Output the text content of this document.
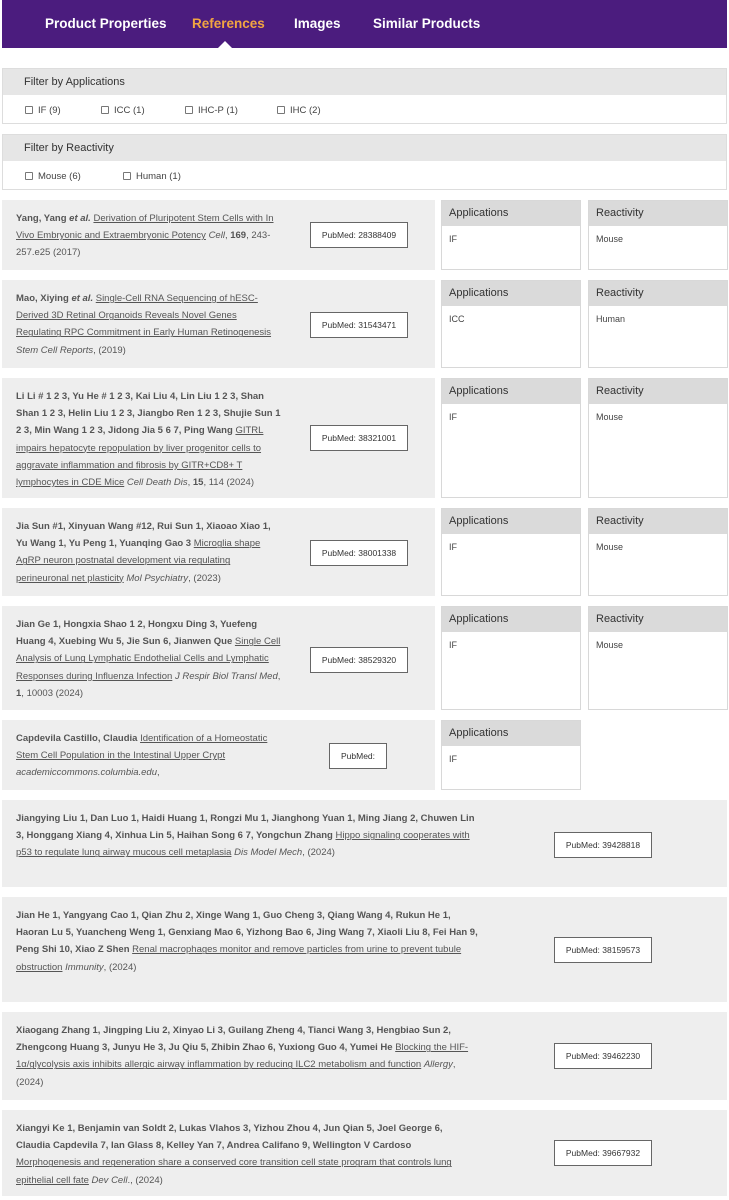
Product Properties References Images Similar Products
Filter by Applications
IF (9)	ICC (1)	IHC-P (1)	IHC (2)
Filter by Reactivity
Mouse (6)	Human (1)
Yang, Yang et al. Derivation of Pluripotent Stem Cells with In Vivo Embryonic and Extraembryonic Potency Cell, 169, 243-257.e25 (2017)
PubMed: 28388409
Applications
IF
Reactivity
Mouse
Mao, Xiying et al. Single-Cell RNA Sequencing of hESC-Derived 3D Retinal Organoids Reveals Novel Genes Regulating RPC Commitment in Early Human Retinogenesis Stem Cell Reports, (2019)
PubMed: 31543471
Applications
ICC
Reactivity
Human
Li Li # 1 2 3, Yu He # 1 2 3, Kai Liu 4, Lin Liu 1 2 3, Shan Shan 1 2 3, Helin Liu 1 2 3, Jiangbo Ren 1 2 3, Shujie Sun 1 2 3, Min Wang 1 2 3, Jidong Jia 5 6 7, Ping Wang GITRL impairs hepatocyte repopulation by liver progenitor cells to aggravate inflammation and fibrosis by GITR+CD8+ T lymphocytes in CDE Mice Cell Death Dis, 15, 114 (2024)
PubMed: 38321001
Applications
IF
Reactivity
Mouse
Jia Sun #1, Xinyuan Wang #12, Rui Sun 1, Xiaoao Xiao 1, Yu Wang 1, Yu Peng 1, Yuanqing Gao 3 Microglia shape AgRP neuron postnatal development via regulating perineuronal net plasticity Mol Psychiatry, (2023)
PubMed: 38001338
Applications
IF
Reactivity
Mouse
Jian Ge 1, Hongxia Shao 1 2, Hongxu Ding 3, Yuefeng Huang 4, Xuebing Wu 5, Jie Sun 6, Jianwen Que Single Cell Analysis of Lung Lymphatic Endothelial Cells and Lymphatic Responses during Influenza Infection J Respir Biol Transl Med, 1, 10003 (2024)
PubMed: 38529320
Applications
IF
Reactivity
Mouse
Capdevila Castillo, Claudia Identification of a Homeostatic Stem Cell Population in the Intestinal Upper Crypt academiccommons.columbia.edu,
PubMed:
Applications
IF
Jiangying Liu 1, Dan Luo 1, Haidi Huang 1, Rongzi Mu 1, Jianghong Yuan 1, Ming Jiang 2, Chuwen Lin 3, Honggang Xiang 4, Xinhua Lin 5, Haihan Song 6 7, Yongchun Zhang Hippo signaling cooperates with p53 to regulate lung airway mucous cell metaplasia Dis Model Mech, (2024)
PubMed: 39428818
Jian He 1, Yangyang Cao 1, Qian Zhu 2, Xinge Wang 1, Guo Cheng 3, Qiang Wang 4, Rukun He 1, Haoran Lu 5, Yuancheng Weng 1, Genxiang Mao 6, Yizhong Bao 6, Jing Wang 7, Xiaoli Liu 8, Fei Han 9, Peng Shi 10, Xiao Z Shen Renal macrophages monitor and remove particles from urine to prevent tubule obstruction Immunity, (2024)
PubMed: 38159573
Xiaogang Zhang 1, Jingping Liu 2, Xinyao Li 3, Guilang Zheng 4, Tianci Wang 3, Hengbiao Sun 2, Zhengcong Huang 3, Junyu He 3, Ju Qiu 5, Zhibin Zhao 6, Yuxiong Guo 4, Yumei He Blocking the HIF-1α/glycolysis axis inhibits allergic airway inflammation by reducing ILC2 metabolism and function Allergy, (2024)
PubMed: 39462230
Xiangyi Ke 1, Benjamin van Soldt 2, Lukas Vlahos 3, Yizhou Zhou 4, Jun Qian 5, Joel George 6, Claudia Capdevila 7, Ian Glass 8, Kelley Yan 7, Andrea Califano 9, Wellington V Cardoso Morphogenesis and regeneration share a conserved core transition cell state program that controls lung epithelial cell fate Dev Cell., (2024)
PubMed: 39667932
